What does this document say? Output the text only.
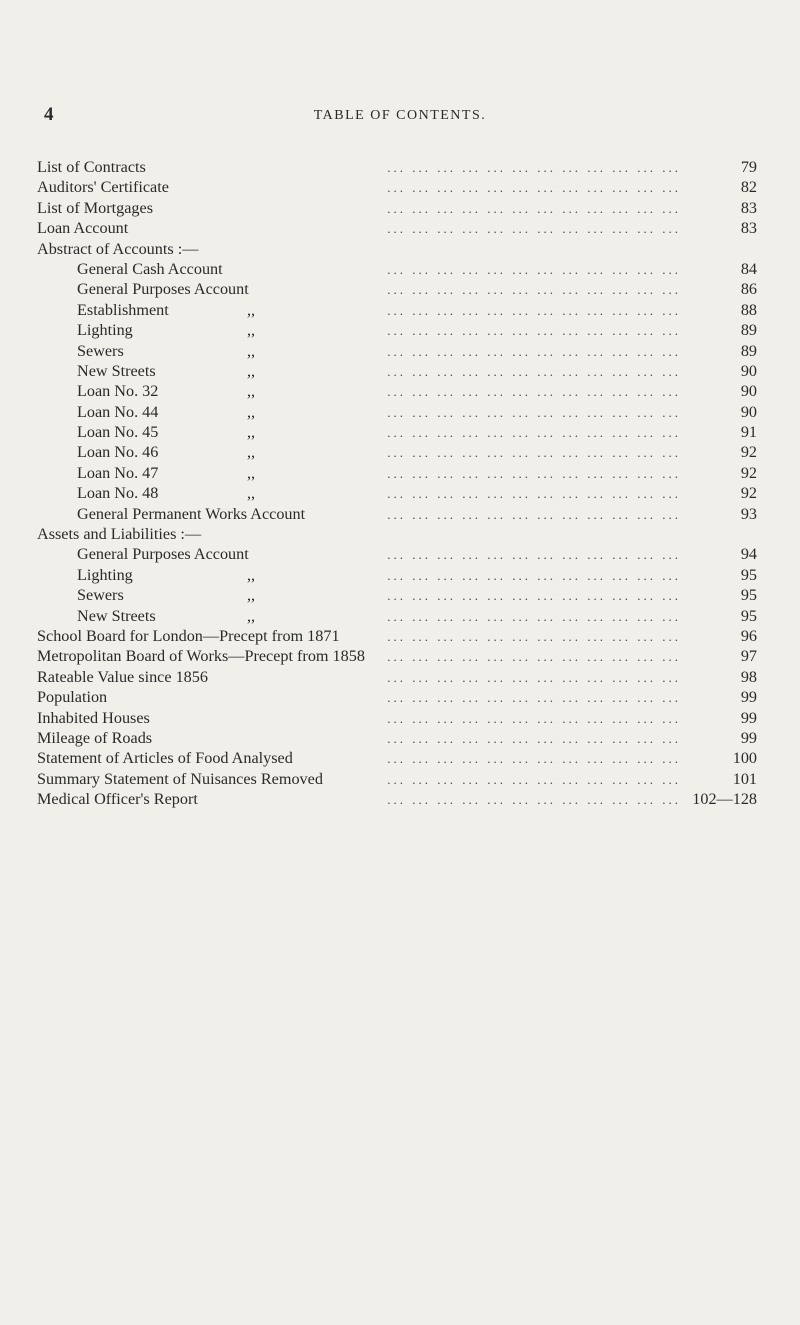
4	TABLE OF CONTENTS.
List of Contracts	... ... ... ... ... ... ... ... ... ... ... ...	79
Auditors' Certificate	... ... ... ... ... ... ... ... ... ... ... ...	82
List of Mortgages	... ... ... ... ... ... ... ... ... ... ... ...	83
Loan Account	... ... ... ... ... ... ... ... ... ... ... ...	83
Abstract of Accounts :—
General Cash Account	... ... ... ... ... ... ... ... ... ... ... ...	84
General Purposes Account	... ... ... ... ... ... ... ... ... ... ... ...	86
Establishment	,,	... ... ... ... ... ... ... ... ... ... ... ...	88
Lighting	,,	... ... ... ... ... ... ... ... ... ... ... ...	89
Sewers	,,	... ... ... ... ... ... ... ... ... ... ... ...	89
New Streets	,,	... ... ... ... ... ... ... ... ... ... ... ...	90
Loan No. 32	,,	... ... ... ... ... ... ... ... ... ... ... ...	90
Loan No. 44	,,	... ... ... ... ... ... ... ... ... ... ... ...	90
Loan No. 45	,,	... ... ... ... ... ... ... ... ... ... ... ...	91
Loan No. 46	,,	... ... ... ... ... ... ... ... ... ... ... ...	92
Loan No. 47	,,	... ... ... ... ... ... ... ... ... ... ... ...	92
Loan No. 48	,,	... ... ... ... ... ... ... ... ... ... ... ...	92
General Permanent Works Account	... ... ... ... ... ... ... ... ... ... ... ...	93
Assets and Liabilities :—
General Purposes Account	... ... ... ... ... ... ... ... ... ... ... ...	94
Lighting	,,	... ... ... ... ... ... ... ... ... ... ... ...	95
Sewers	,,	... ... ... ... ... ... ... ... ... ... ... ...	95
New Streets	,,	... ... ... ... ... ... ... ... ... ... ... ...	95
School Board for London—Precept from 1871	... ... ... ... ... ... ... ... ... ... ... ...	96
Metropolitan Board of Works—Precept from 1858	... ... ... ... ... ... ... ... ... ... ... ...	97
Rateable Value since 1856	... ... ... ... ... ... ... ... ... ... ... ...	98
Population	... ... ... ... ... ... ... ... ... ... ... ...	99
Inhabited Houses	... ... ... ... ... ... ... ... ... ... ... ...	99
Mileage of Roads	... ... ... ... ... ... ... ... ... ... ... ...	99
Statement of Articles of Food Analysed	... ... ... ... ... ... ... ... ... ... ... ...	100
Summary Statement of Nuisances Removed	... ... ... ... ... ... ... ... ... ... ... ...	101
Medical Officer's Report	... ... ... ... ... ... ... ... ... ... ... ... 102—128
